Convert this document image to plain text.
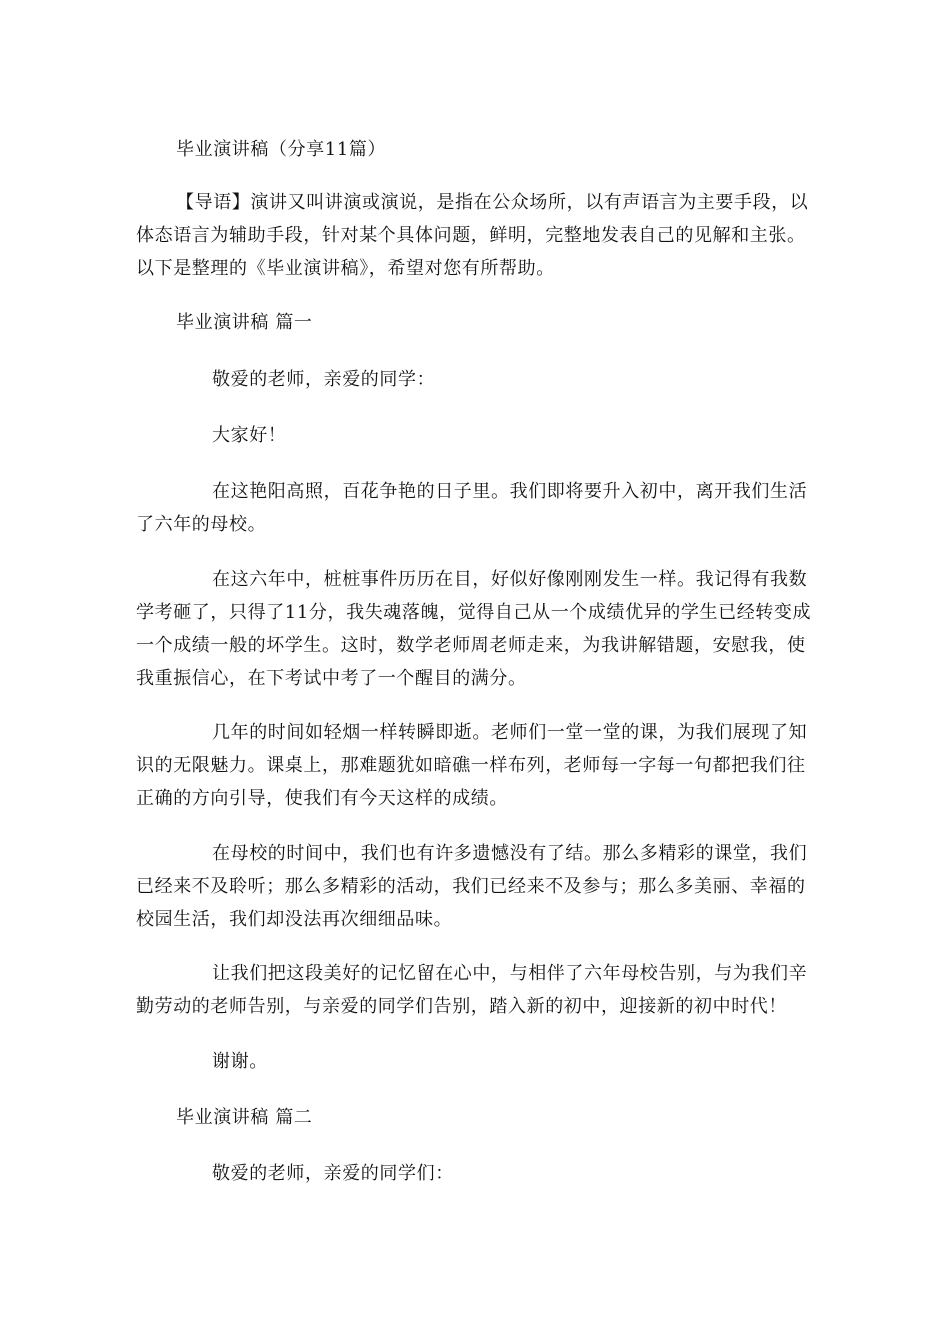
毕业演讲稿（分享11篇）
【导语】演讲又叫讲演或演说，是指在公众场所，以有声语言为主要手段，以体态语言为辅助手段，针对某个具体问题，鲜明，完整地发表自己的见解和主张。以下是整理的《毕业演讲稿》，希望对您有所帮助。
毕业演讲稿 篇一
敬爱的老师，亲爱的同学：
大家好！
在这艳阳高照，百花争艳的日子里。我们即将要升入初中，离开我们生活了六年的母校。
在这六年中，桩桩事件历历在目，好似好像刚刚发生一样。我记得有我数学考砸了，只得了11分，我失魂落魄，觉得自己从一个成绩优异的学生已经转变成一个成绩一般的坏学生。这时，数学老师周老师走来，为我讲解错题，安慰我，使我重振信心，在下考试中考了一个醒目的满分。
几年的时间如轻烟一样转瞬即逝。老师们一堂一堂的课，为我们展现了知识的无限魅力。课桌上，那难题犹如暗礁一样布列，老师每一字每一句都把我们往正确的方向引导，使我们有今天这样的成绩。
在母校的时间中，我们也有许多遗憾没有了结。那么多精彩的课堂，我们已经来不及聆听；那么多精彩的活动，我们已经来不及参与；那么多美丽、幸福的校园生活，我们却没法再次细细品味。
让我们把这段美好的记忆留在心中，与相伴了六年母校告别，与为我们辛勤劳动的老师告别，与亲爱的同学们告别，踏入新的初中，迎接新的初中时代！
谢谢。
毕业演讲稿 篇二
敬爱的老师，亲爱的同学们：
